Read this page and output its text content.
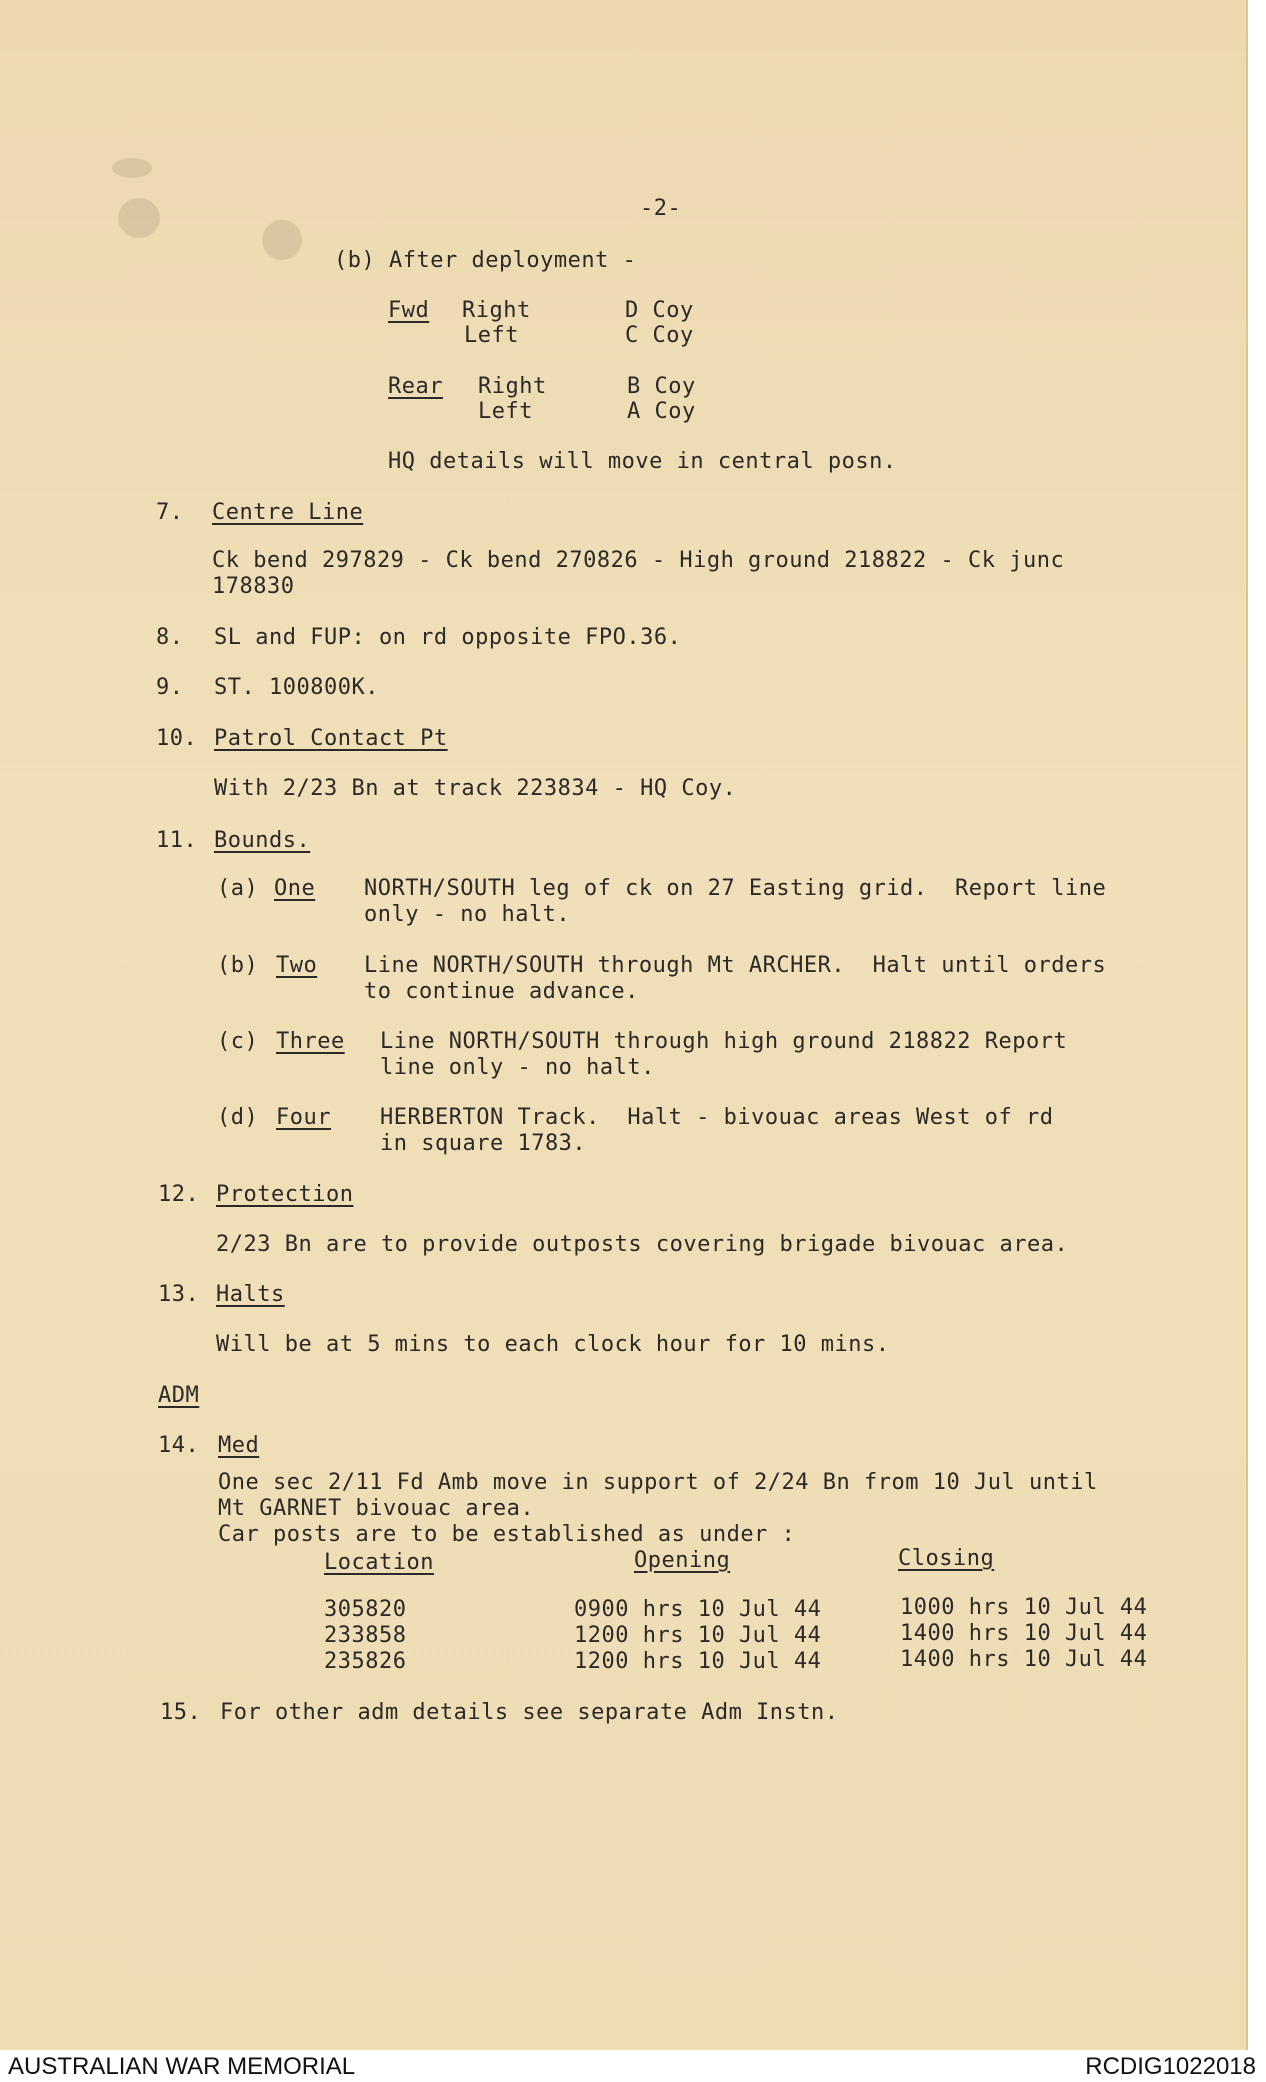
-2-
(b) After deployment -
Fwd Right	D Coy
Left	C Coy
Rear Right	B Coy
Left	A Coy
HQ details will move in central posn.
7. Centre Line
Ck bend 297829 - Ck bend 270826 - High ground 218822 - Ck junc
178830
8. SL and FUP: on rd opposite FPO.36.
9. ST. 100800K.
10. Patrol Contact Pt
With 2/23 Bn at track 223834 - HQ Coy.
11. Bounds.
(a) One NORTH/SOUTH leg of ck on 27 Easting grid.  Report line
only - no halt.
(b) Two Line NORTH/SOUTH through Mt ARCHER.  Halt until orders
to continue advance.
(c) Three Line NORTH/SOUTH through high ground 218822 Report
line only - no halt.
(d) Four HERBERTON Track.  Halt - bivouac areas West of rd
in square 1783.
12. Protection
2/23 Bn are to provide outposts covering brigade bivouac area.
13. Halts
Will be at 5 mins to each clock hour for 10 mins.
ADM
14. Med
One sec 2/11 Fd Amb move in support of 2/24 Bn from 10 Jul until
Mt GARNET bivouac area.
Car posts are to be established as under :
Location	Opening	Closing
305820	0900 hrs 10 Jul 44	1000 hrs 10 Jul 44
233858	1200 hrs 10 Jul 44	1400 hrs 10 Jul 44
235826	1200 hrs 10 Jul 44	1400 hrs 10 Jul 44
15. For other adm details see separate Adm Instn.
AUSTRALIAN WAR MEMORIAL	RCDIG1022018
